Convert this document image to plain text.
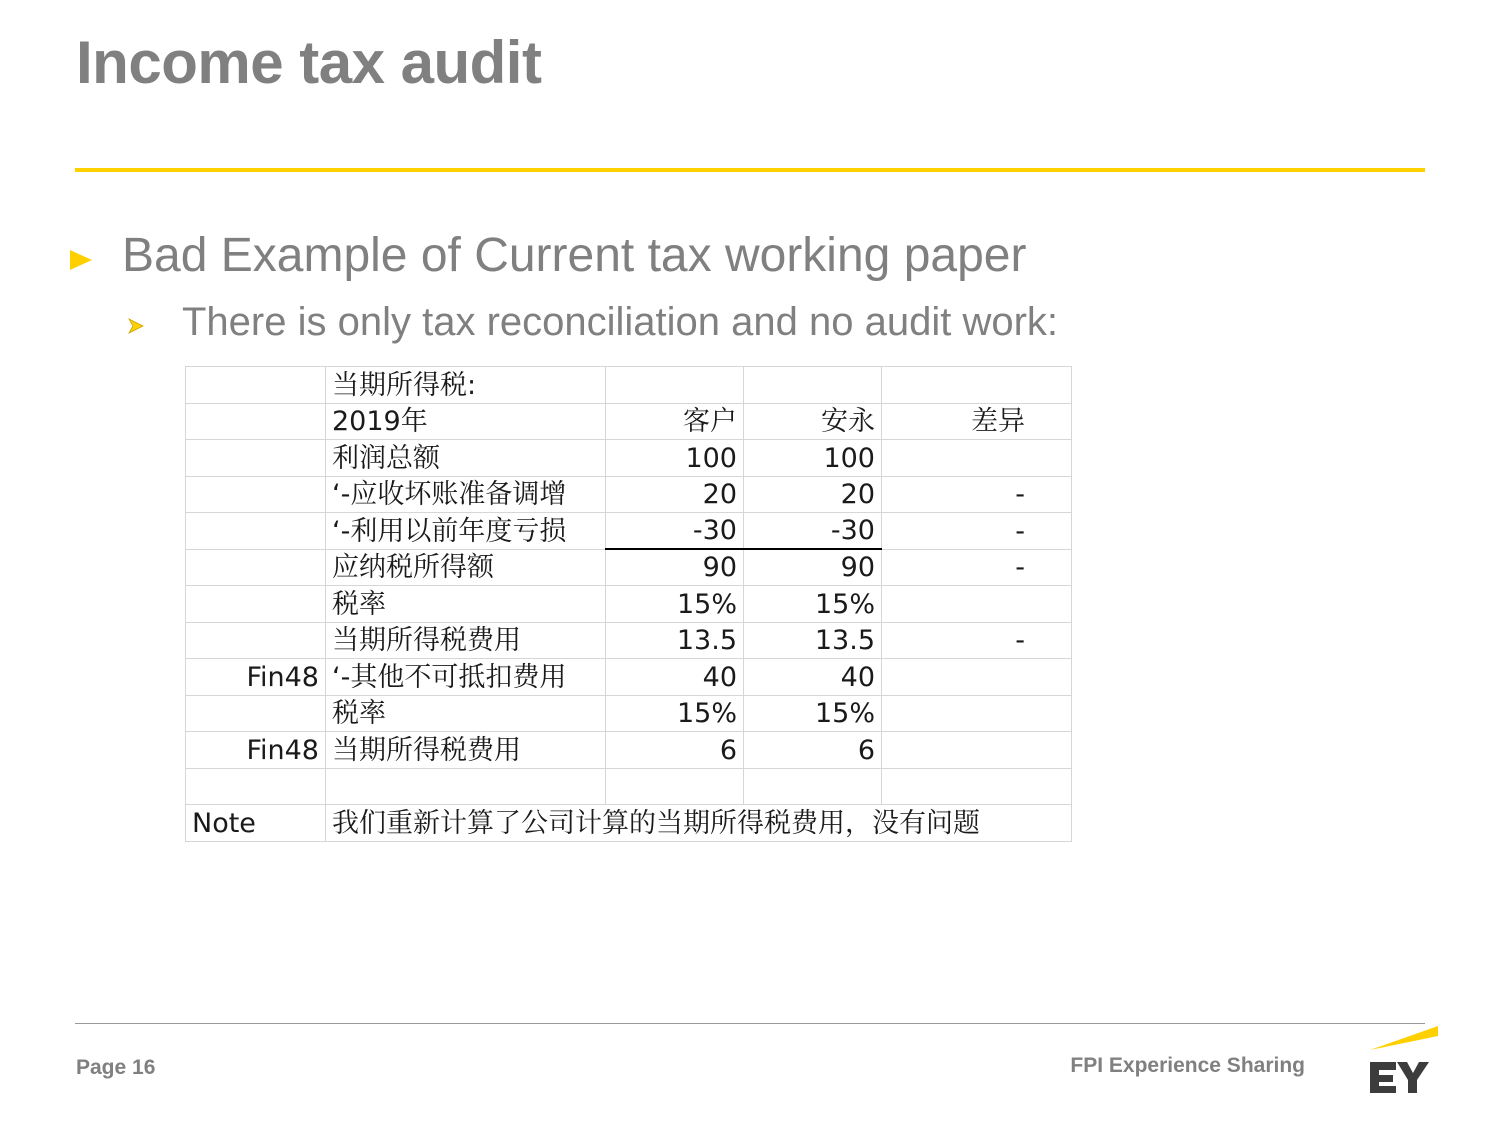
Income tax audit
Bad Example of Current tax working paper
There is only tax reconciliation and no audit work:
	当期所得税:			
	2019年	客户	安永	差异
	利润总额	100	100	
	‘-应收坏账准备调增	20	20	-
	‘-利用以前年度亏损	-30	-30	-
	应纳税所得额	90	90	-
	税率	15%	15%	
	当期所得税费用	13.5	13.5	-
Fin48	‘-其他不可抵扣费用	40	40	
	税率	15%	15%	
Fin48	当期所得税费用	6	6	

Note	我们重新计算了公司计算的当期所得税费用，没有问题			
Page 16	FPI Experience Sharing
